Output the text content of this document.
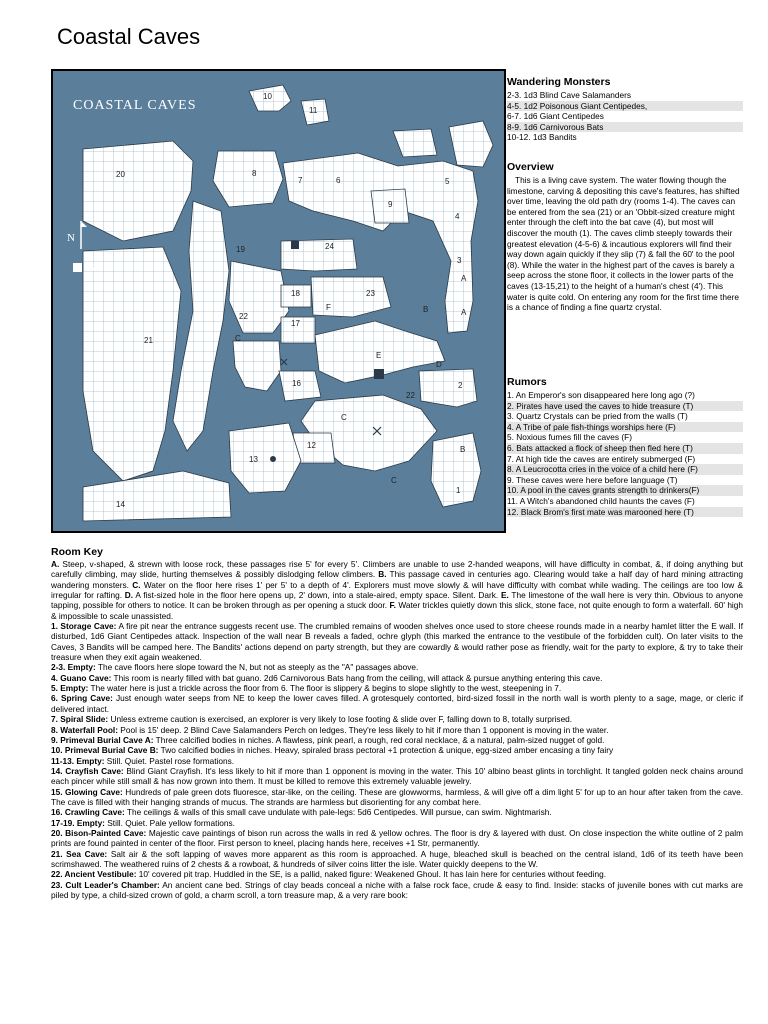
Coastal Caves
COASTAL CAVES
N
=5'
10
11
20	8
7	6	5
4
3
9
19	24
18	23
22
17
21
16	2
12
13
1
14
A
A
B
C
F
E
D
C
B
C
22
Wandering Monsters
2-3. 1d3 Blind Cave Salamanders
4-5. 1d2 Poisonous Giant Centipedes,
6-7. 1d6 Giant Centipedes
8-9. 1d6 Carnivorous Bats
10-12. 1d3 Bandits
Overview

This is a living cave system. The water flowing though the limestone, carving & depositing this cave's features, has shifted over time, leaving the old path dry (rooms 1-4). The caves can be entered from the sea (21) or an 'Obbit-sized creature might enter through the cleft into the bat cave (4), but most will discover the mouth (1). The caves climb steeply towards their greatest elevation (4-5-6) & incautious explorers will find their way down again quickly if they slip (7) & fall the 60' to the pool (8). While the water in the highest part of the caves is barely a seep across the stone floor, it collects in the lower parts of the caves (13-15,21) to the height of a human's chest (4'). This water is quite cold. On entering any room for the first time there is a chance of finding a fine quartz crystal.

Rumors
1. An Emperor's son disappeared here long ago (?)
2. Pirates have used the caves to hide treasure (T)
3. Quartz Crystals can be pried from the walls (T)
4. A Tribe of pale fish-things worships here (F)
5. Noxious fumes fill the caves (F)
6. Bats attacked a flock of sheep then fled here (T)
7. At high tide the caves are entirely submerged (F)
8. A Leucrocotta cries in the voice of a child here (F)
9. These caves were here before language (T)
10. A pool in the caves grants strength to drinkers(F)
11. A Witch's abandoned child haunts the caves (F)
12. Black Brom's first mate was marooned here (T)
Room Key

A. Steep, v-shaped, & strewn with loose rock, these passages rise 5' for every 5'. Climbers are unable to use 2-handed weapons, will have difficulty in combat, &, if doing anything but carefully climbing, may slide, hurting themselves & possibly dislodging fellow climbers. B. This passage caved in centuries ago. Clearing would take a half day of hard mining attracting wandering monsters. C. Water on the floor here rises 1' per 5' to a depth of 4'. Explorers must move slowly & will have difficulty with combat while wading. The ceilings are too low & irregular for rafting. D. A fist-sized hole in the floor here opens up, 2' down, into a stale-aired, empty space. Silent. Dark. E. The limestone of the wall here is very thin. Obvious to anyone tapping, possible for others to notice. It can be broken through as per opening a stuck door. F. Water trickles quietly down this slick, stone face, not quite enough to form a waterfall. 60' high & impossible to scale unassisted.

1. Storage Cave: A fire pit near the entrance suggests recent use. The crumbled remains of wooden shelves once used to store cheese rounds made in a nearby hamlet litter the E wall. If disturbed, 1d6 Giant Centipedes attack. Inspection of the wall near B reveals a faded, ochre glyph (this marked the entrance to the vestibule of the forbidden cult). On later visits to the Caves, 3 Bandits will be camped here. The Bandits' actions depend on party strength, but they are cowardly & would rather pose as friendly, wait for the party to explore, & try to take their treasure when they exit again weakened.

2-3. Empty: The cave floors here slope toward the N, but not as steeply as the "A" passages above.

4. Guano Cave: This room is nearly filled with bat guano. 2d6 Carnivorous Bats hang from the ceiling, will attack & pursue anything entering this cave.

5. Empty: The water here is just a trickle across the floor from 6. The floor is slippery & begins to slope slightly to the west, steepening in 7.

6. Spring Cave: Just enough water seeps from NE to keep the lower caves filled. A grotesquely contorted, bird-sized fossil in the north wall is worth plenty to a sage, mage, or cleric if delivered intact.

7. Spiral Slide: Unless extreme caution is exercised, an explorer is very likely to lose footing & slide over F, falling down to 8, totally surprised.

8. Waterfall Pool: Pool is 15' deep. 2 Blind Cave Salamanders Perch on ledges. They're less likely to hit if more than 1 opponent is moving in the water.

9. Primeval Burial Cave A: Three calcified bodies in niches. A flawless, pink pearl, a rough, red coral necklace, & a natural, palm-sized nugget of gold.

10. Primeval Burial Cave B: Two calcified bodies in niches. Heavy, spiraled brass pectoral +1 protection & unique, egg-sized amber encasing a tiny fairy

11-13. Empty: Still. Quiet. Pastel rose formations.

14. Crayfish Cave: Blind Giant Crayfish. It's less likely to hit if more than 1 opponent is moving in the water. This 10' albino beast glints in torchlight. It tangled golden neck chains around each pincer while still small & has now grown into them. It must be killed to remove this extremely valuable jewelry.

15. Glowing Cave: Hundreds of pale green dots fluoresce, star-like, on the ceiling. These are glowworms, harmless, & will give off a dim light 5' for up to an hour after taken from the cave. The cave is filled with their hanging strands of mucus. The strands are harmless but disorienting for any combat here.

16. Crawling Cave: The ceilings & walls of this small cave undulate with pale-legs: 5d6 Centipedes. Will pursue, can swim. Nightmarish.

17-19. Empty: Still. Quiet. Pale yellow formations.

20. Bison-Painted Cave: Majestic cave paintings of bison run across the walls in red & yellow ochres. The floor is dry & layered with dust. On close inspection the white outline of 2 palm prints are found painted in center of the floor. First person to kneel, placing hands here, receives +1 Str, permanently.

21. Sea Cave: Salt air & the soft lapping of waves more apparent as this room is approached. A huge, bleached skull is beached on the central island, 1d6 of its teeth have been scrimshawed. The weathered ruins of 2 chests & a rowboat, & hundreds of silver coins litter the isle. Water quickly deepens to the W.

22. Ancient Vestibule: 10' covered pit trap. Huddled in the SE, is a pallid, naked figure: Weakened Ghoul. It has lain here for centuries without feeding.

23. Cult Leader's Chamber: An ancient cane bed. Strings of clay beads conceal a niche with a false rock face, crude & easy to find. Inside: stacks of juvenile bones with cut marks are piled by type, a child-sized crown of gold, a charm scroll, a torn treasure map, & a very rare book:
